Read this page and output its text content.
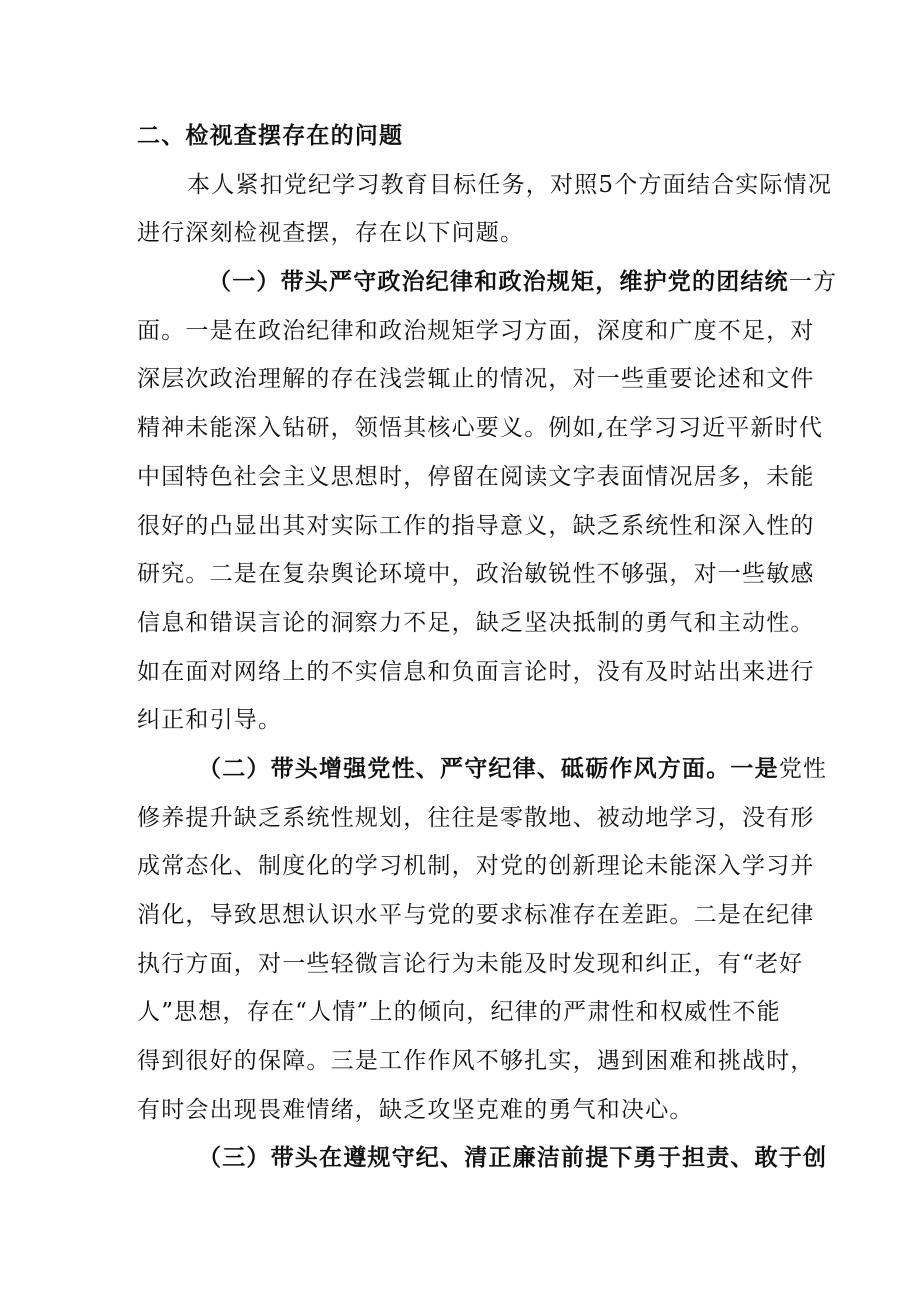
二、检视查摆存在的问题
本人紧扣党纪学习教育目标任务，对照5个方面结合实际情况
进行深刻检视查摆，存在以下问题。
（一）带头严守政治纪律和政治规矩，维护党的团结统一方
面。一是在政治纪律和政治规矩学习方面，深度和广度不足，对
深层次政治理解的存在浅尝辄止的情况，对一些重要论述和文件
精神未能深入钻研，领悟其核心要义。例如,在学习习近平新时代
中国特色社会主义思想时，停留在阅读文字表面情况居多，未能
很好的凸显出其对实际工作的指导意义，缺乏系统性和深入性的
研究。二是在复杂舆论环境中，政治敏锐性不够强，对一些敏感
信息和错误言论的洞察力不足，缺乏坚决抵制的勇气和主动性。
如在面对网络上的不实信息和负面言论时，没有及时站出来进行
纠正和引导。
（二）带头增强党性、严守纪律、砥砺作风方面。一是党性
修养提升缺乏系统性规划，往往是零散地、被动地学习，没有形
成常态化、制度化的学习机制，对党的创新理论未能深入学习并
消化，导致思想认识水平与党的要求标准存在差距。二是在纪律
执行方面，对一些轻微言论行为未能及时发现和纠正，有“老好
人”思想，存在“人情”上的倾向，纪律的严肃性和权威性不能
得到很好的保障。三是工作作风不够扎实，遇到困难和挑战时，
有时会出现畏难情绪，缺乏攻坚克难的勇气和决心。
（三）带头在遵规守纪、清正廉洁前提下勇于担责、敢于创
